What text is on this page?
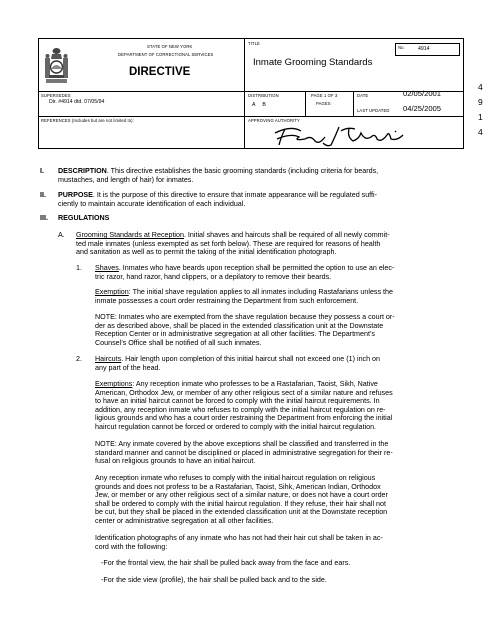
No.	4914
STATE OF NEW YORK
DEPARTMENT OF CORRECTIONAL SERVICES
DIRECTIVE
TITLE
Inmate Grooming Standards
SUPERSEDES
Dir. #4914 dtd. 07/05/94
DISTRIBUTION
A     B
PAGE 1 OF 3
PAGES
DATE	02/05/2001
LAST UPDATED 04/25/2005
REFERENCES (Includes but are not limited to):	APPROVING AUTHORITY
4
9
1
4
I. DESCRIPTION. This directive establishes the basic grooming standards (including criteria for beards,

mustaches, and length of hair) for inmates.

II. PURPOSE. It is the purpose of this directive to ensure that inmate appearance will be regulated suffi-

ciently to maintain accurate identification of each individual.

III. REGULATIONS
A. Grooming Standards at Reception. Initial shaves and haircuts shall be required of all newly commit-

ted male inmates (unless exempted as set forth below). These are required for reasons of health

and sanitation as well as to permit the taking of the initial identification photograph.

1. Shaves. Inmates who have beards upon reception shall be permitted the option to use an elec-

tric razor, hand razor, hand clippers, or a depilatory to remove their beards.

Exemption: The initial shave regulation applies to all inmates including Rastafarians unless the

inmate possesses a court order restraining the Department from such enforcement.

NOTE: Inmates who are exempted from the shave regulation because they possess a court or-

der as described above, shall be placed in the extended classification unit at the Downstate

Reception Center or in administrative segregation at all other facilities. The Department’s

Counsel’s Office shall be notified of all such inmates.

2. Haircuts. Hair length upon completion of this initial haircut shall not exceed one (1) inch on

any part of the head.

Exemptions: Any reception inmate who professes to be a Rastafarian, Taoist, Sikh, Native

American, Orthodox Jew, or member of any other religious sect of a similar nature and refuses

to have an initial haircut cannot be forced to comply with the initial haircut requirements. In

addition, any reception inmate who refuses to comply with the initial haircut regulation on re-

ligious grounds and who has a court order restraining the Department from enforcing the initial

haircut regulation cannot be forced or ordered to comply with the initial haircut regulation.

NOTE: Any inmate covered by the above exceptions shall be classified and transferred in the

standard manner and cannot be disciplined or placed in administrative segregation for their re-

fusal on religious grounds to have an initial haircut.

Any reception inmate who refuses to comply with the initial haircut regulation on religious

grounds and does not profess to be a Rastafarian, Taoist, Sihk, American Indian, Orthodox

Jew, or member or any other religious sect of a similar nature, or does not have a court order

shall be ordered to comply with the initial haircut regulation. If they refuse, their hair shall not

be cut, but they shall be placed in the extended classification unit at the Downstate reception

center or administrative segregation at all other facilities.

Identification photographs of any inmate who has not had their hair cut shall be taken in ac-

cord with the following:

-For the frontal view, the hair shall be pulled back away from the face and ears.

-For the side view (profile), the hair shall be pulled back and to the side.
